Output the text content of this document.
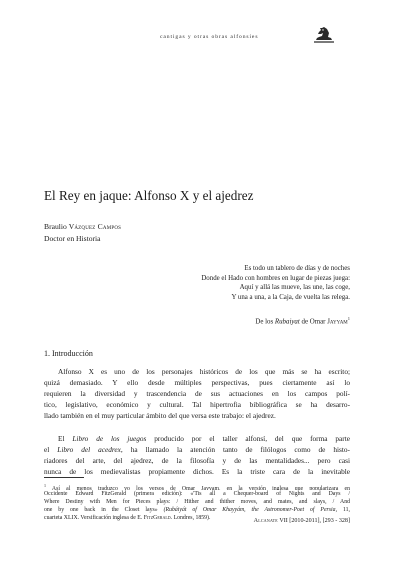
cantigas y otras obras alfonsíes
El Rey en jaque: Alfonso X y el ajedrez
Braulio Vázquez Campos
Doctor en Historia
Es todo un tablero de días y de noches
Donde el Hado con hombres en lugar de piezas juega:
Aquí y allá las mueve, las une, las coge,
Y una a una, a la Caja, de vuelta las relega.
De los Rubaiyat de Omar Jayyam$^1$
1. Introducción
Alfonso X es uno de los personajes históricos de los que más se ha escrito;
quizá demasiado. Y ello desde múltiples perspectivas, pues ciertamente así lo
requieren la diversidad y trascendencia de sus actuaciones en los campos polí-
tico, legislativo, económico y cultural. Tal hipertrofia bibliográfica se ha desarro-
llado también en el muy particular ámbito del que versa este trabajo: el ajedrez.
El Libro de los juegos producido por el taller alfonsí, del que forma parte
el Libro del acedrex, ha llamado la atención tanto de filólogos como de histo-
riadores del arte, del ajedrez, de la filosofía y de las mentalidades... pero casi
nunca de los medievalistas propiamente dichos. Es la triste cara de la inevitable
$^1$ Así al menos traduzco yo los versos de Omar Jayyam, en la versión inglesa que popularizara en
Occidente Edward FitzGerald (primera edición): «'Tis all a Chequer-board of Nights and Days /
Where Destiny with Men for Pieces plays: / Hither and thither moves, and mates, and slays, / And
one by one back in the Closet lays» (Rubáiyát of Omar Khayyám, the Astronomer-Poet of Persia, 11,
cuarteta XLIX. Versificación inglesa de E. FitzGerald. Londres, 1859).	Alcanate VII [2010-2011], [293 - 328]
